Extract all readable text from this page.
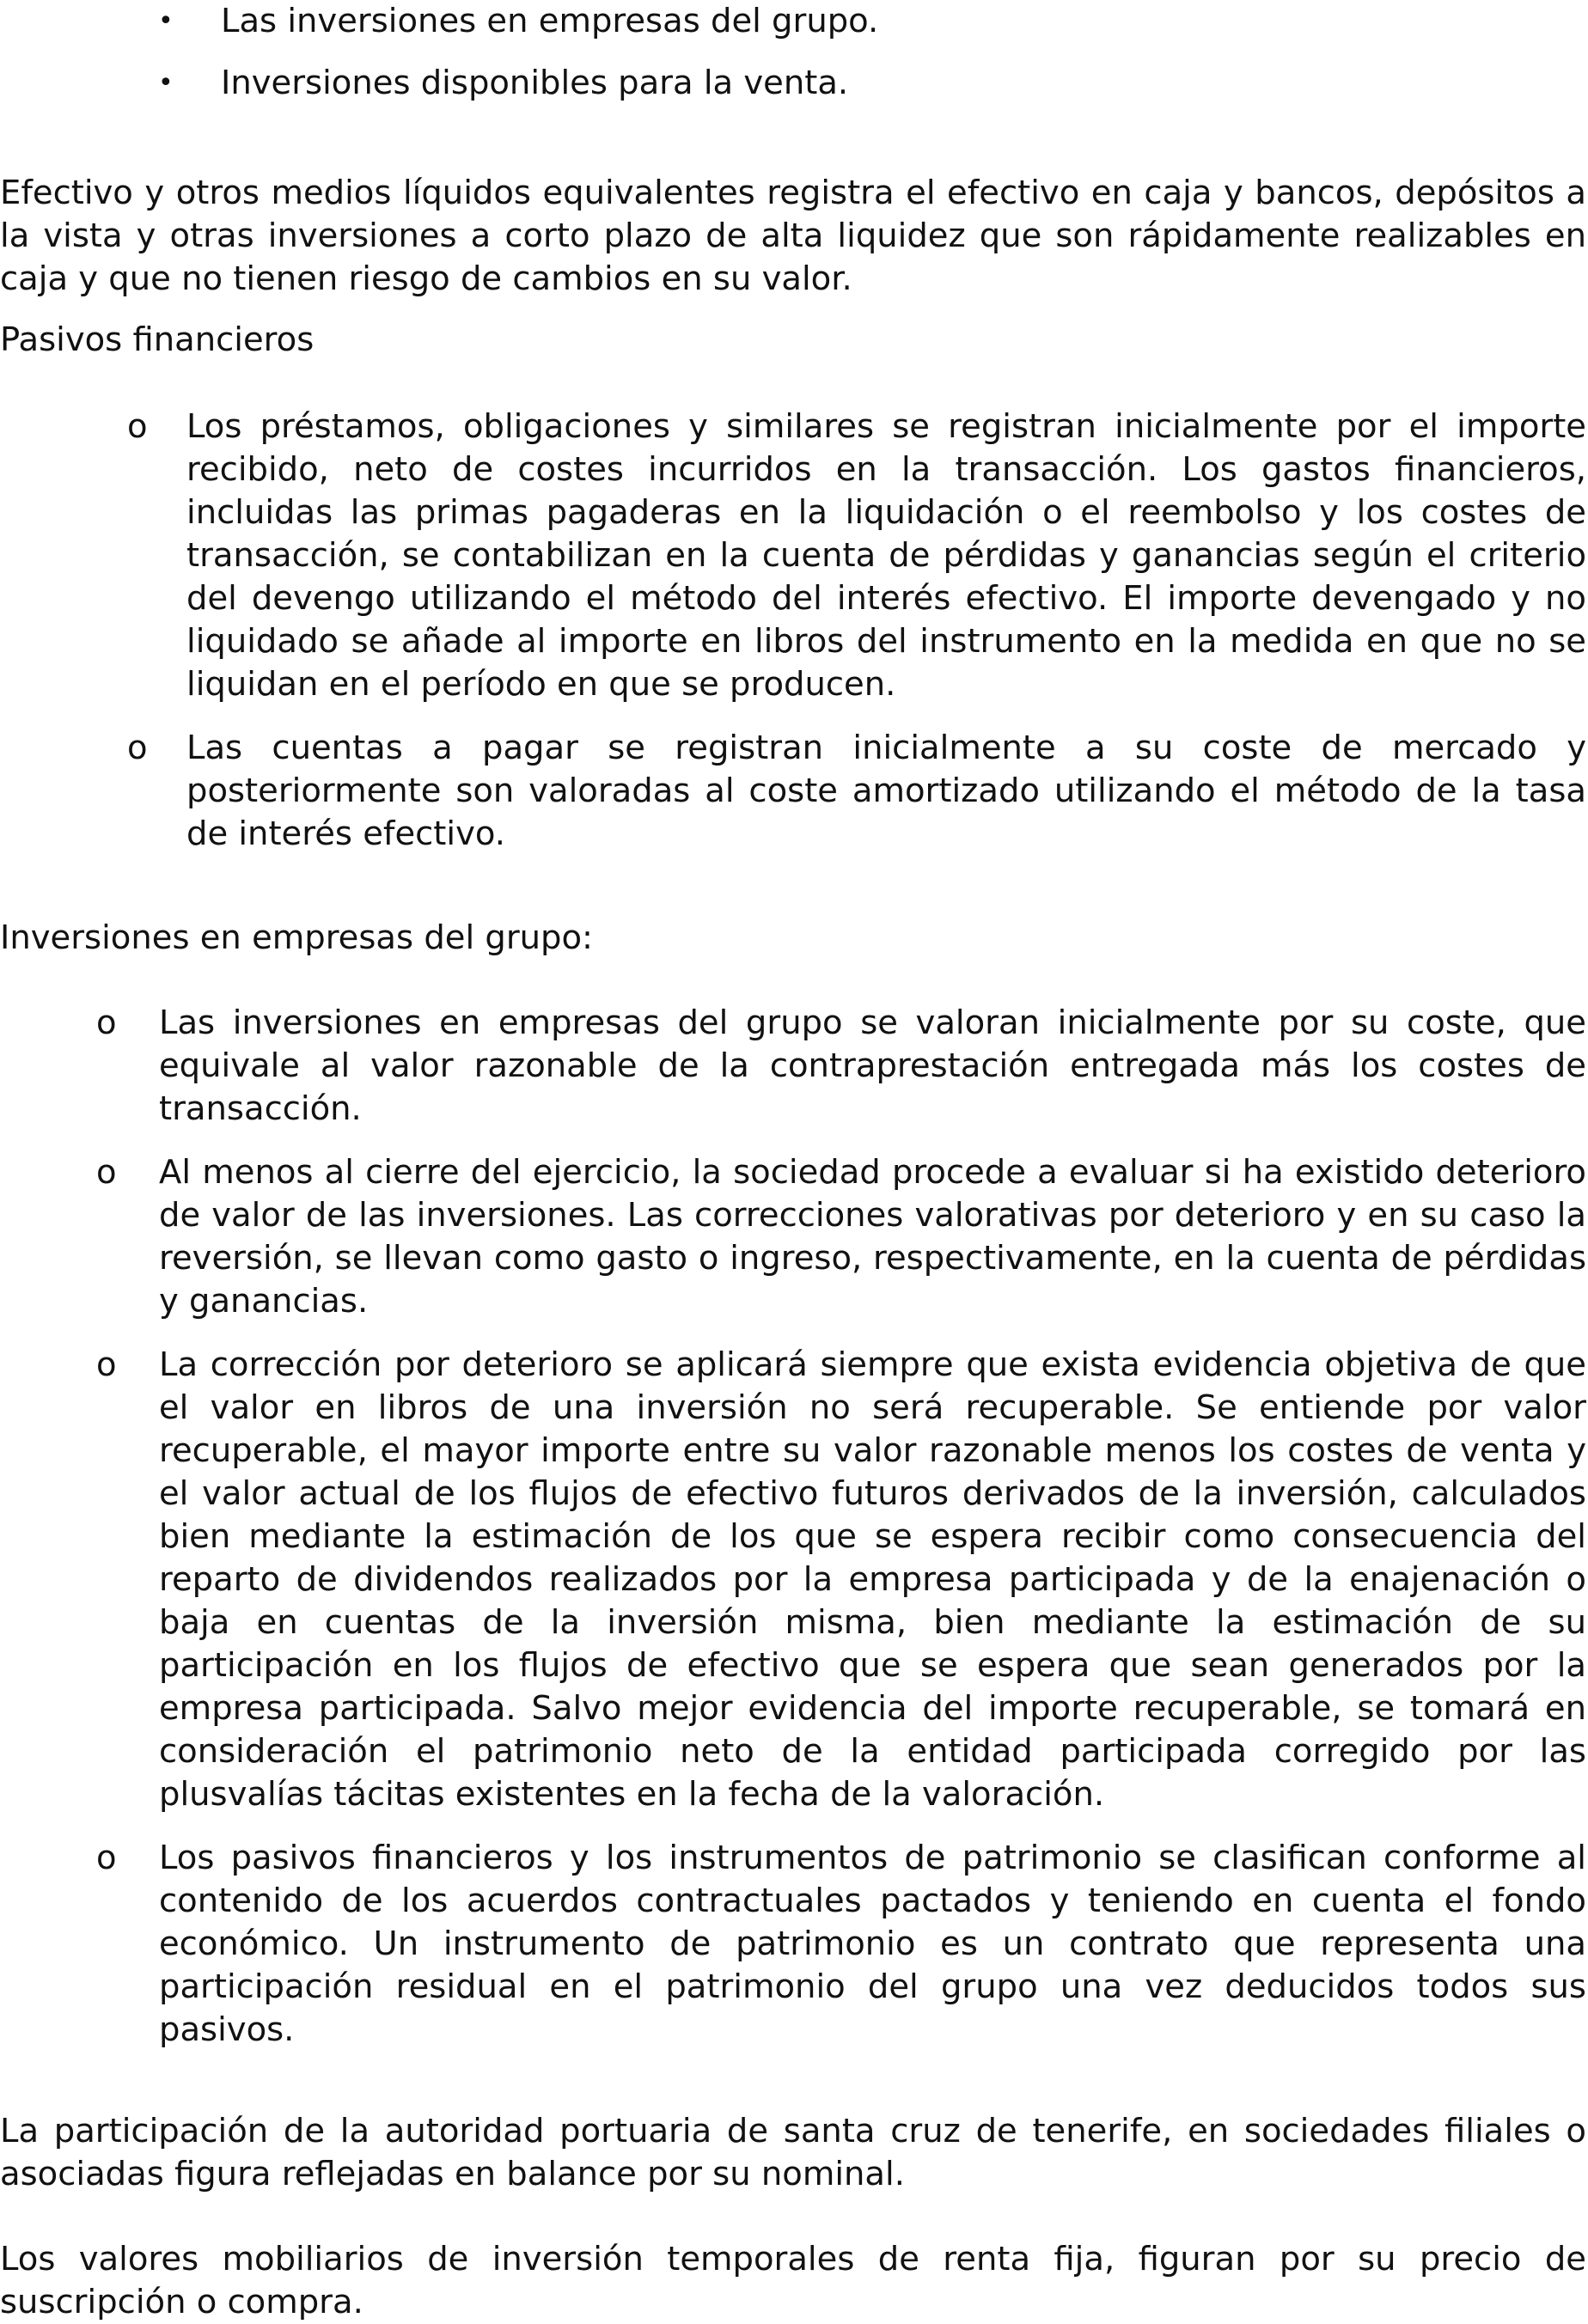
• Las inversiones en empresas del grupo.
• Inversiones disponibles para la venta.

Efectivo y otros medios líquidos equivalentes registra el efectivo en caja y bancos, depósitos a la vista y otras inversiones a corto plazo de alta liquidez que son rápidamente realizables en caja y que no tienen riesgo de cambios en su valor.

Pasivos financieros
o Los préstamos, obligaciones y similares se registran inicialmente por el importe recibido, neto de costes incurridos en la transacción. Los gastos financieros, incluidas las primas pagaderas en la liquidación o el reembolso y los costes de transacción, se contabilizan en la cuenta de pérdidas y ganancias según el criterio del devengo utilizando el método del interés efectivo. El importe devengado y no liquidado se añade al importe en libros del instrumento en la medida en que no se liquidan en el período en que se producen.
o Las cuentas a pagar se registran inicialmente a su coste de mercado y posteriormente son valoradas al coste amortizado utilizando el método de la tasa de interés efectivo.
Inversiones en empresas del grupo:
o Las inversiones en empresas del grupo se valoran inicialmente por su coste, que equivale al valor razonable de la contraprestación entregada más los costes de transacción.
o Al menos al cierre del ejercicio, la sociedad procede a evaluar si ha existido deterioro de valor de las inversiones. Las correcciones valorativas por deterioro y en su caso la reversión, se llevan como gasto o ingreso, respectivamente, en la cuenta de pérdidas y ganancias.
o La corrección por deterioro se aplicará siempre que exista evidencia objetiva de que el valor en libros de una inversión no será recuperable. Se entiende por valor recuperable, el mayor importe entre su valor razonable menos los costes de venta y el valor actual de los flujos de efectivo futuros derivados de la inversión, calculados bien mediante la estimación de los que se espera recibir como consecuencia del reparto de dividendos realizados por la empresa participada y de la enajenación o baja en cuentas de la inversión misma, bien mediante la estimación de su participación en los flujos de efectivo que se espera que sean generados por la empresa participada. Salvo mejor evidencia del importe recuperable, se tomará en consideración el patrimonio neto de la entidad participada corregido por las plusvalías tácitas existentes en la fecha de la valoración.
o Los pasivos financieros y los instrumentos de patrimonio se clasifican conforme al contenido de los acuerdos contractuales pactados y teniendo en cuenta el fondo económico. Un instrumento de patrimonio es un contrato que representa una participación residual en el patrimonio del grupo una vez deducidos todos sus pasivos.

La participación de la autoridad portuaria de santa cruz de tenerife, en sociedades filiales o asociadas figura reflejadas en balance por su nominal.

Los valores mobiliarios de inversión temporales de renta fija, figuran por su precio de suscripción o compra.
